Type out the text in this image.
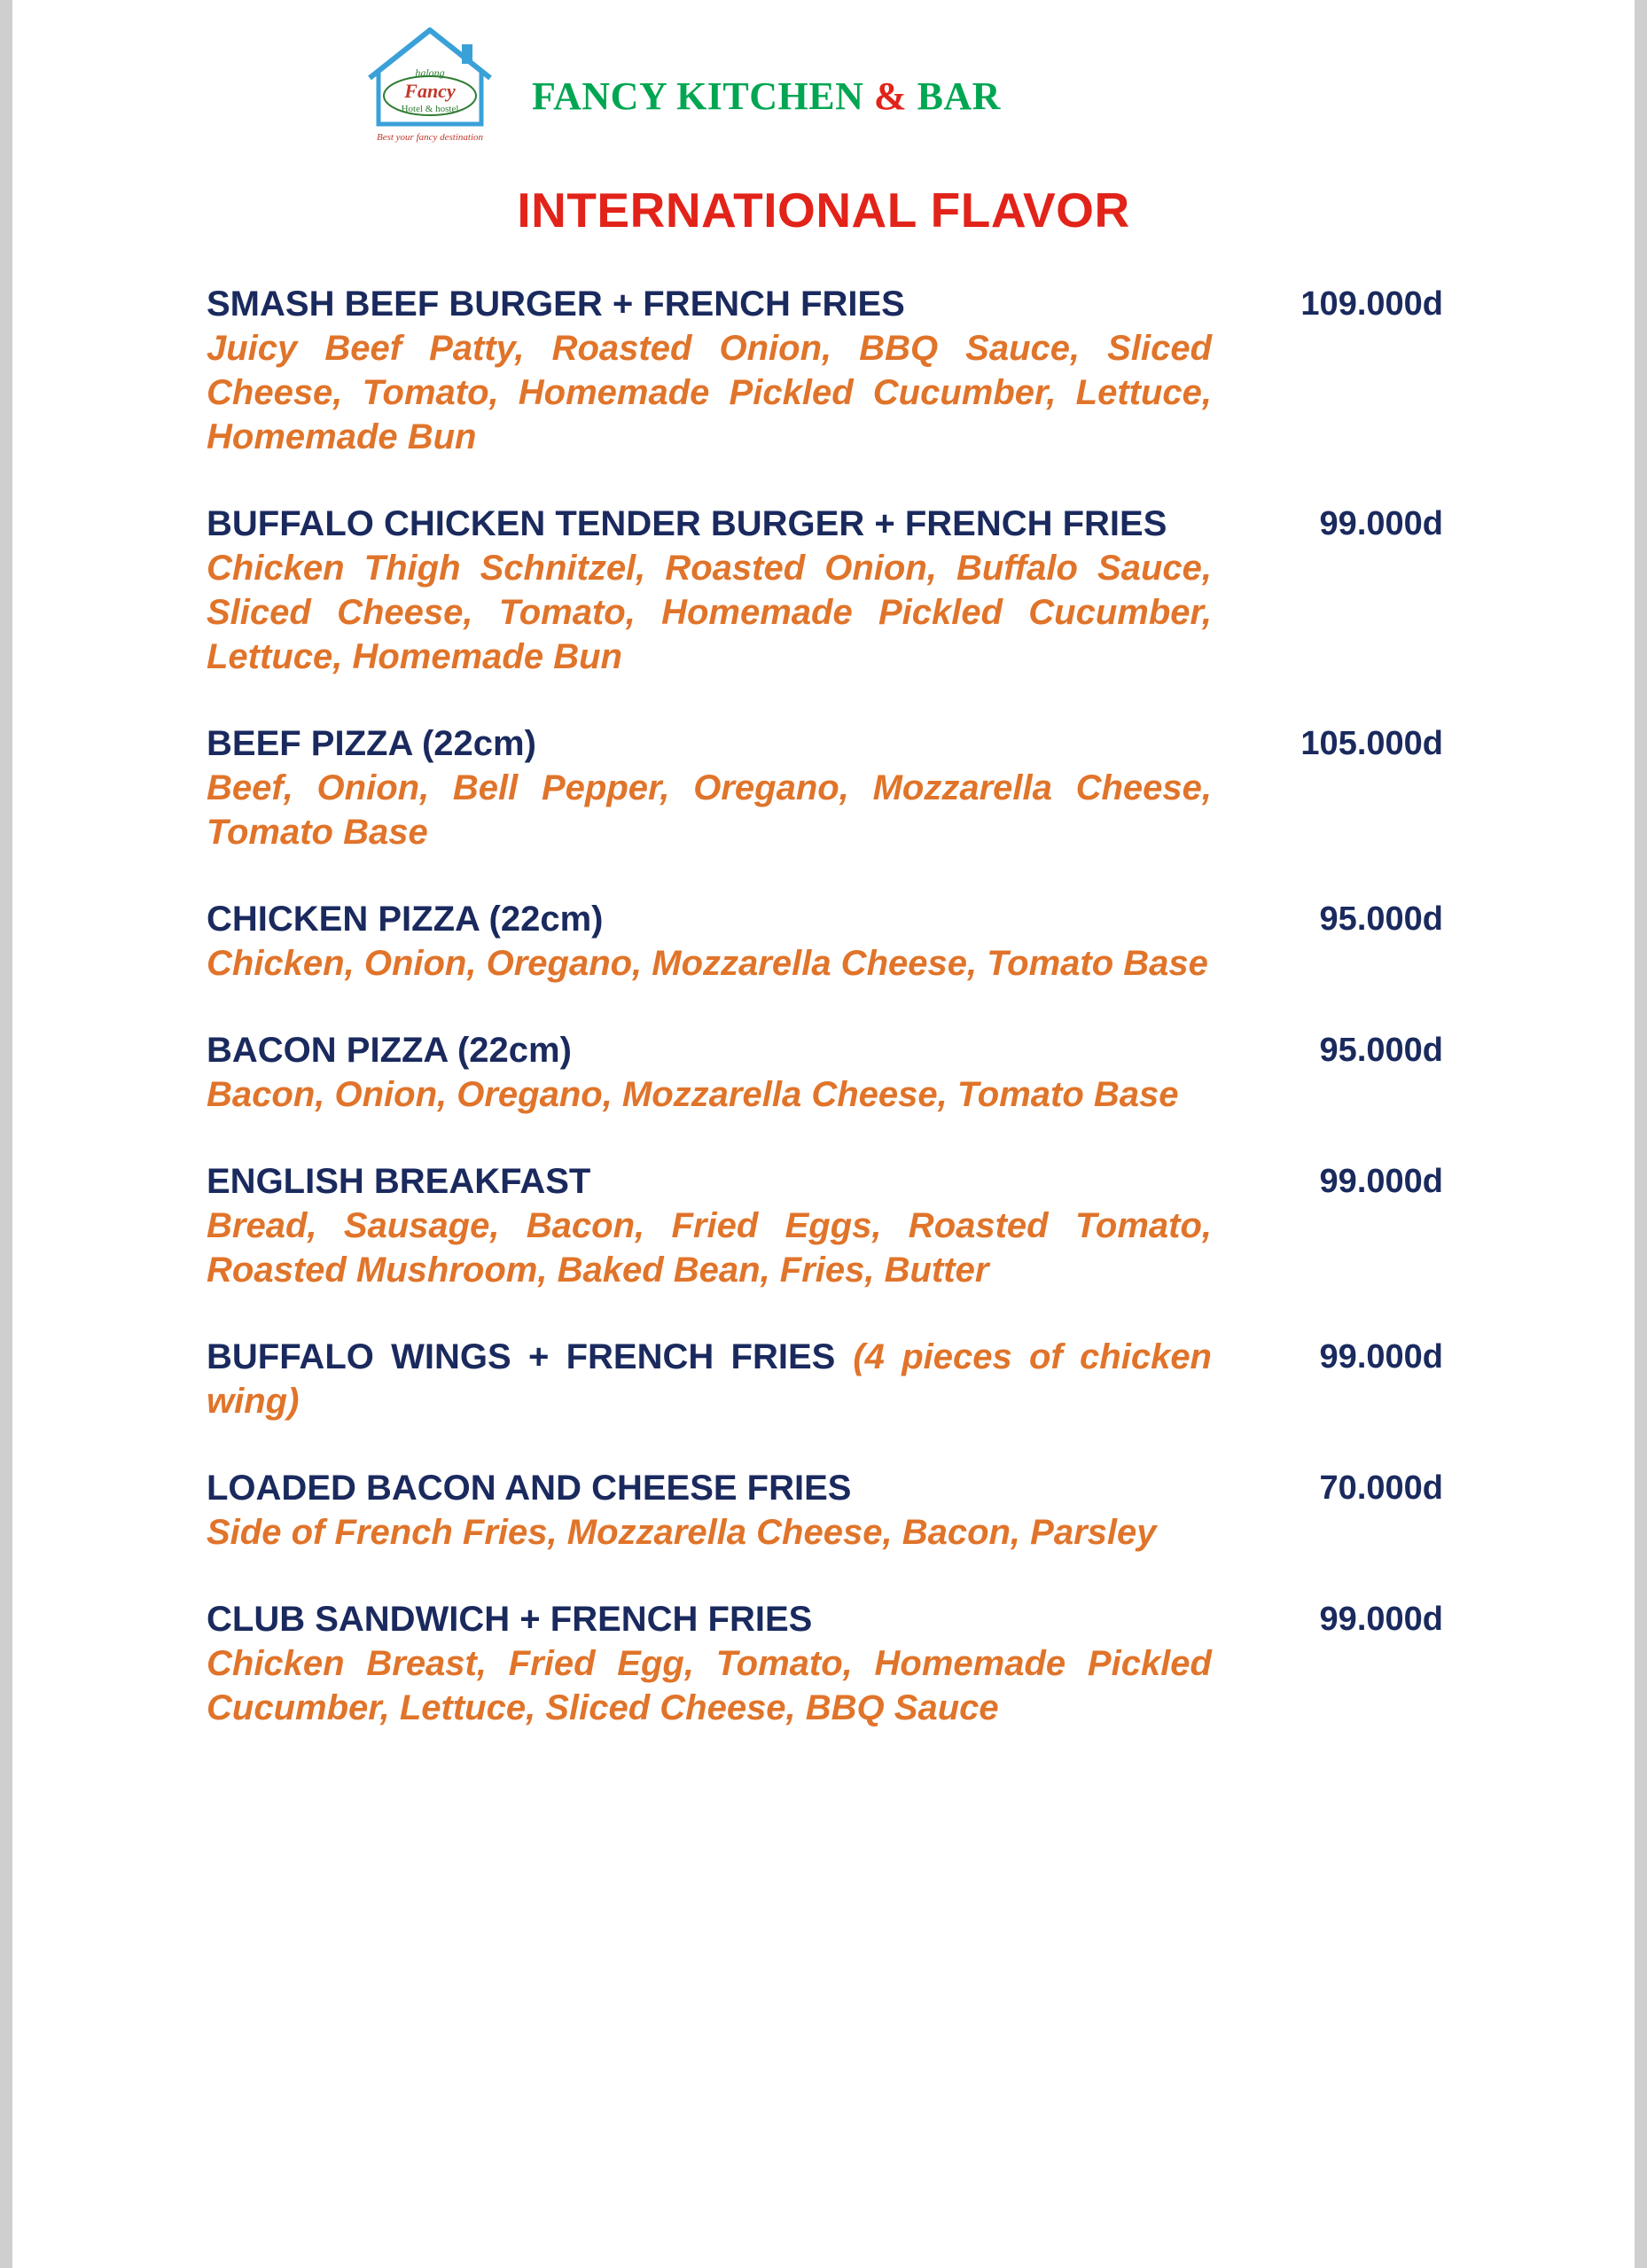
halong
Fancy
Hotel & hostel
Best your fancy destination
FANCY KITCHEN & BAR
INTERNATIONAL FLAVOR
SMASH BEEF BURGER + FRENCH FRIES
Juicy Beef Patty, Roasted Onion, BBQ Sauce, Sliced Cheese, Tomato, Homemade Pickled Cucumber, Lettuce, Homemade Bun
109.000d
BUFFALO CHICKEN TENDER BURGER + FRENCH FRIES
Chicken Thigh Schnitzel, Roasted Onion, Buffalo Sauce, Sliced Cheese, Tomato, Homemade Pickled Cucumber, Lettuce, Homemade Bun
99.000d
BEEF PIZZA (22cm)
Beef, Onion, Bell Pepper, Oregano, Mozzarella Cheese, Tomato Base
105.000d
CHICKEN PIZZA (22cm)
Chicken, Onion, Oregano, Mozzarella Cheese, Tomato Base
95.000d
BACON PIZZA (22cm)
Bacon, Onion, Oregano, Mozzarella Cheese, Tomato Base
95.000d
ENGLISH BREAKFAST
Bread, Sausage, Bacon, Fried Eggs, Roasted Tomato, Roasted Mushroom, Baked Bean, Fries, Butter
99.000d
BUFFALO WINGS + FRENCH FRIES (4 pieces of chicken wing)
99.000d
LOADED BACON AND CHEESE FRIES
Side of French Fries, Mozzarella Cheese, Bacon, Parsley
70.000d
CLUB SANDWICH + FRENCH FRIES
Chicken Breast, Fried Egg, Tomato, Homemade Pickled Cucumber, Lettuce, Sliced Cheese, BBQ Sauce
99.000d
